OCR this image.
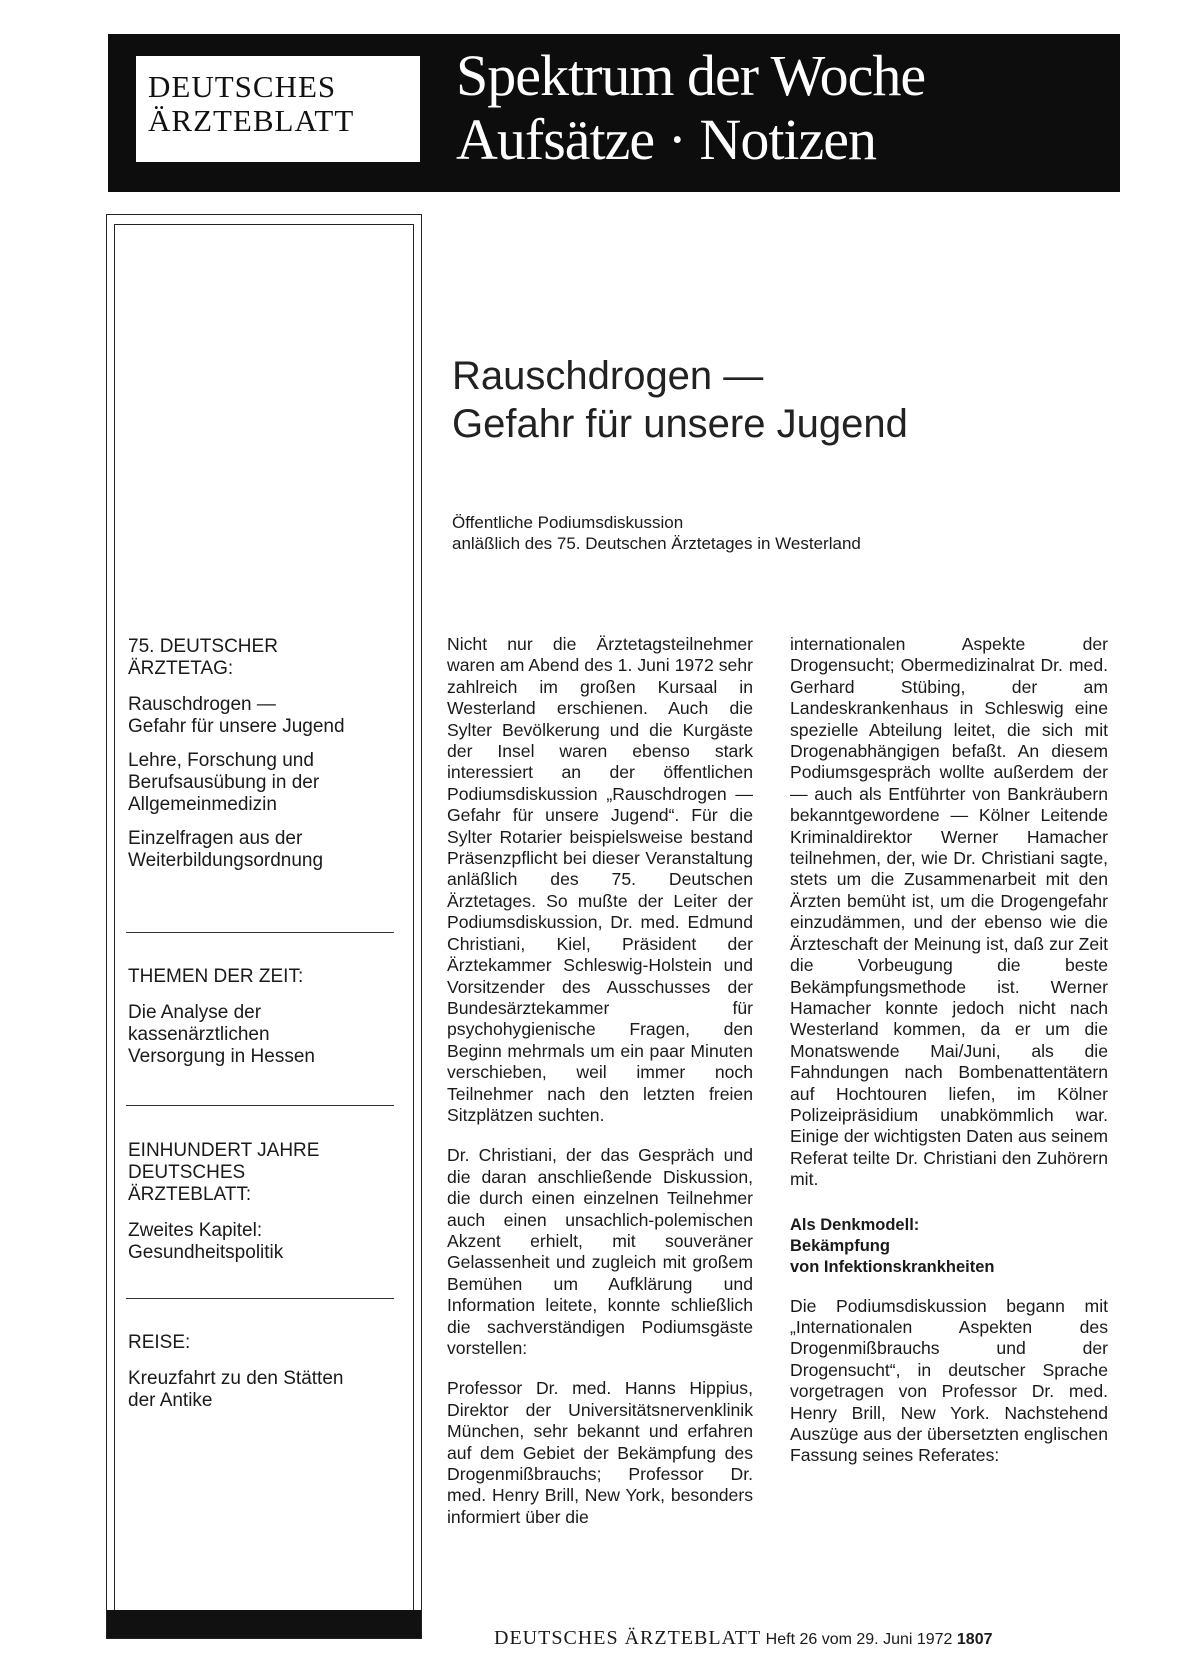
DEUTSCHES
ÄRZTEBLATT
Spektrum der Woche
Aufsätze · Notizen
75. DEUTSCHER
ÄRZTETAG:
Rauschdrogen —
Gefahr für unsere Jugend
Lehre, Forschung und
Berufsausübung in der
Allgemeinmedizin
Einzelfragen aus der
Weiterbildungsordnung
THEMEN DER ZEIT:
Die Analyse der
kassenärztlichen
Versorgung in Hessen
EINHUNDERT JAHRE
DEUTSCHES
ÄRZTEBLATT:
Zweites Kapitel:
Gesundheitspolitik
REISE:
Kreuzfahrt zu den Stätten
der Antike
Rauschdrogen —
Gefahr für unsere Jugend
Öffentliche Podiumsdiskussion
anläßlich des 75. Deutschen Ärztetages in Westerland

Nicht nur die Ärztetagsteilnehmer waren am Abend des 1. Juni 1972 sehr zahlreich im großen Kursaal in Westerland erschienen. Auch die Sylter Bevölkerung und die Kurgäste der Insel waren ebenso stark interessiert an der öffentlichen Podiumsdiskussion „Rauschdrogen — Gefahr für unsere Jugend“. Für die Sylter Rotarier beispielsweise bestand Präsenzpflicht bei dieser Veranstaltung anläßlich des 75. Deutschen Ärztetages. So mußte der Leiter der Podiumsdiskussion, Dr. med. Edmund Christiani, Kiel, Präsident der Ärztekammer Schleswig-Holstein und Vorsitzender des Ausschusses der Bundesärztekammer für psychohygienische Fragen, den Beginn mehrmals um ein paar Minuten verschieben, weil immer noch Teilnehmer nach den letzten freien Sitzplätzen suchten.

Dr. Christiani, der das Gespräch und die daran anschließende Diskussion, die durch einen einzelnen Teilnehmer auch einen unsachlich-polemischen Akzent erhielt, mit souveräner Gelassenheit und zugleich mit großem Bemühen um Aufklärung und Information leitete, konnte schließlich die sachverständigen Podiumsgäste vorstellen:

Professor Dr. med. Hanns Hippius, Direktor der Universitätsnervenklinik München, sehr bekannt und erfahren auf dem Gebiet der Bekämpfung des Drogenmißbrauchs; Professor Dr. med. Henry Brill, New York, besonders informiert über die

internationalen Aspekte der Drogensucht; Obermedizinalrat Dr. med. Gerhard Stübing, der am Landeskrankenhaus in Schleswig eine spezielle Abteilung leitet, die sich mit Drogenabhängigen befaßt. An diesem Podiumsgespräch wollte außerdem der — auch als Entführter von Bankräubern bekanntgewordene — Kölner Leitende Kriminaldirektor Werner Hamacher teilnehmen, der, wie Dr. Christiani sagte, stets um die Zusammenarbeit mit den Ärzten bemüht ist, um die Drogengefahr einzudämmen, und der ebenso wie die Ärzteschaft der Meinung ist, daß zur Zeit die Vorbeugung die beste Bekämpfungsmethode ist. Werner Hamacher konnte jedoch nicht nach Westerland kommen, da er um die Monatswende Mai/Juni, als die Fahndungen nach Bombenattentätern auf Hochtouren liefen, im Kölner Polizeipräsidium unabkömmlich war. Einige der wichtigsten Daten aus seinem Referat teilte Dr. Christiani den Zuhörern mit.

Als Denkmodell:
Bekämpfung
von Infektionskrankheiten

Die Podiumsdiskussion begann mit „Internationalen Aspekten des Drogenmißbrauchs und der Drogensucht“, in deutscher Sprache vorgetragen von Professor Dr. med. Henry Brill, New York. Nachstehend Auszüge aus der übersetzten englischen Fassung seines Referates:

DEUTSCHES ÄRZTEBLATT Heft 26 vom 29. Juni 1972 1807
